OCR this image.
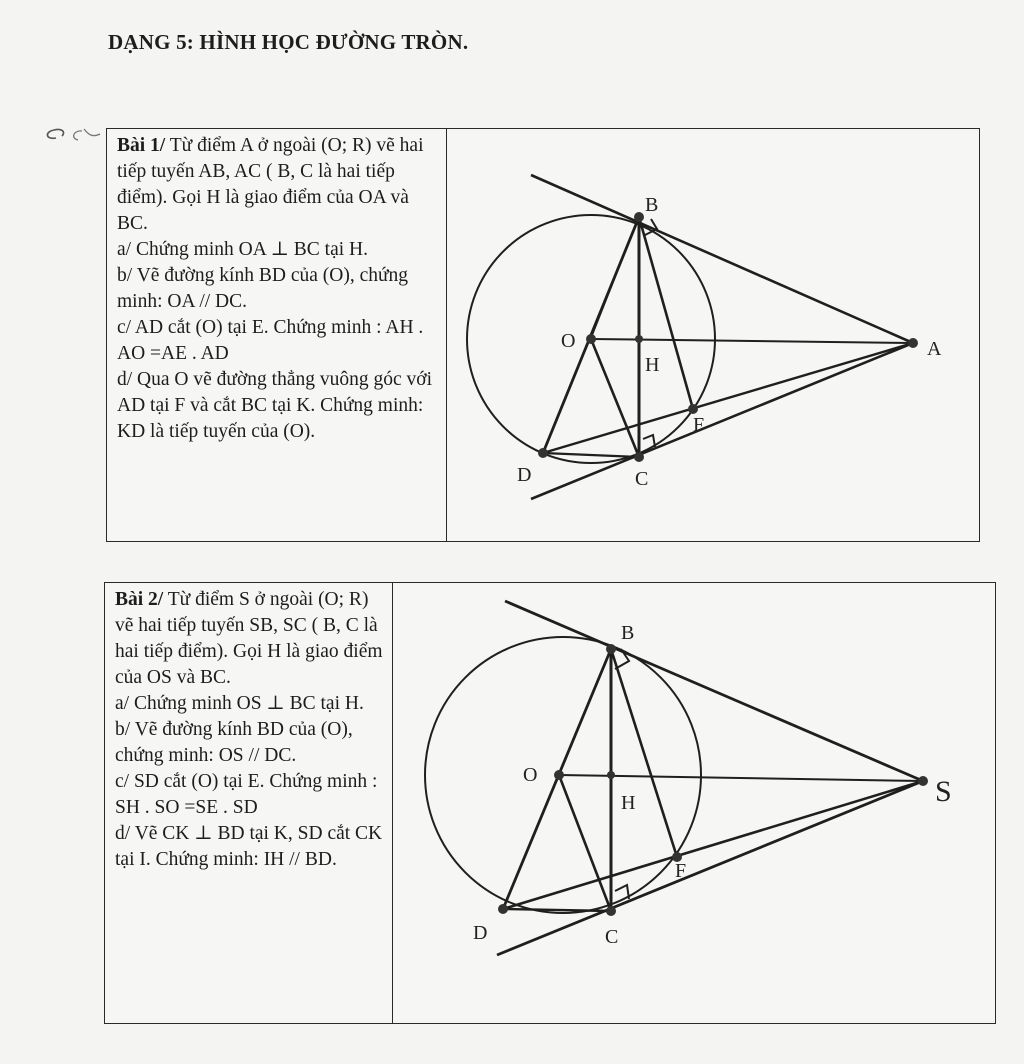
DẠNG 5: HÌNH HỌC ĐƯỜNG TRÒN.

Bài 1/ Từ điểm A ở ngoài (O; R) vẽ hai tiếp tuyến AB, AC ( B, C là hai tiếp điểm). Gọi H là giao điểm của OA và BC.

a/ Chứng minh OA ⊥ BC tại H.

b/ Vẽ đường kính BD của (O), chứng minh: OA // DC.

c/ AD cắt (O) tại E. Chứng minh : AH . AO =AE . AD

d/ Qua O vẽ đường thẳng vuông góc với AD tại F và cắt BC tại K. Chứng minh: KD là tiếp tuyến của (O).

B
O
H
A
F
D	C

Bài 2/ Từ điểm S ở ngoài (O; R) vẽ hai tiếp tuyến SB, SC ( B, C là hai tiếp điểm). Gọi H là giao điểm của OS và BC.

a/ Chứng minh OS ⊥ BC tại H.

b/ Vẽ đường kính BD của (O), chứng minh: OS // DC.

c/ SD cắt (O) tại E. Chứng minh : SH . SO =SE . SD

d/ Vẽ CK ⊥ BD tại K, SD cắt CK tại I. Chứng minh: IH // BD.

B
O
H	S
F
D	C
